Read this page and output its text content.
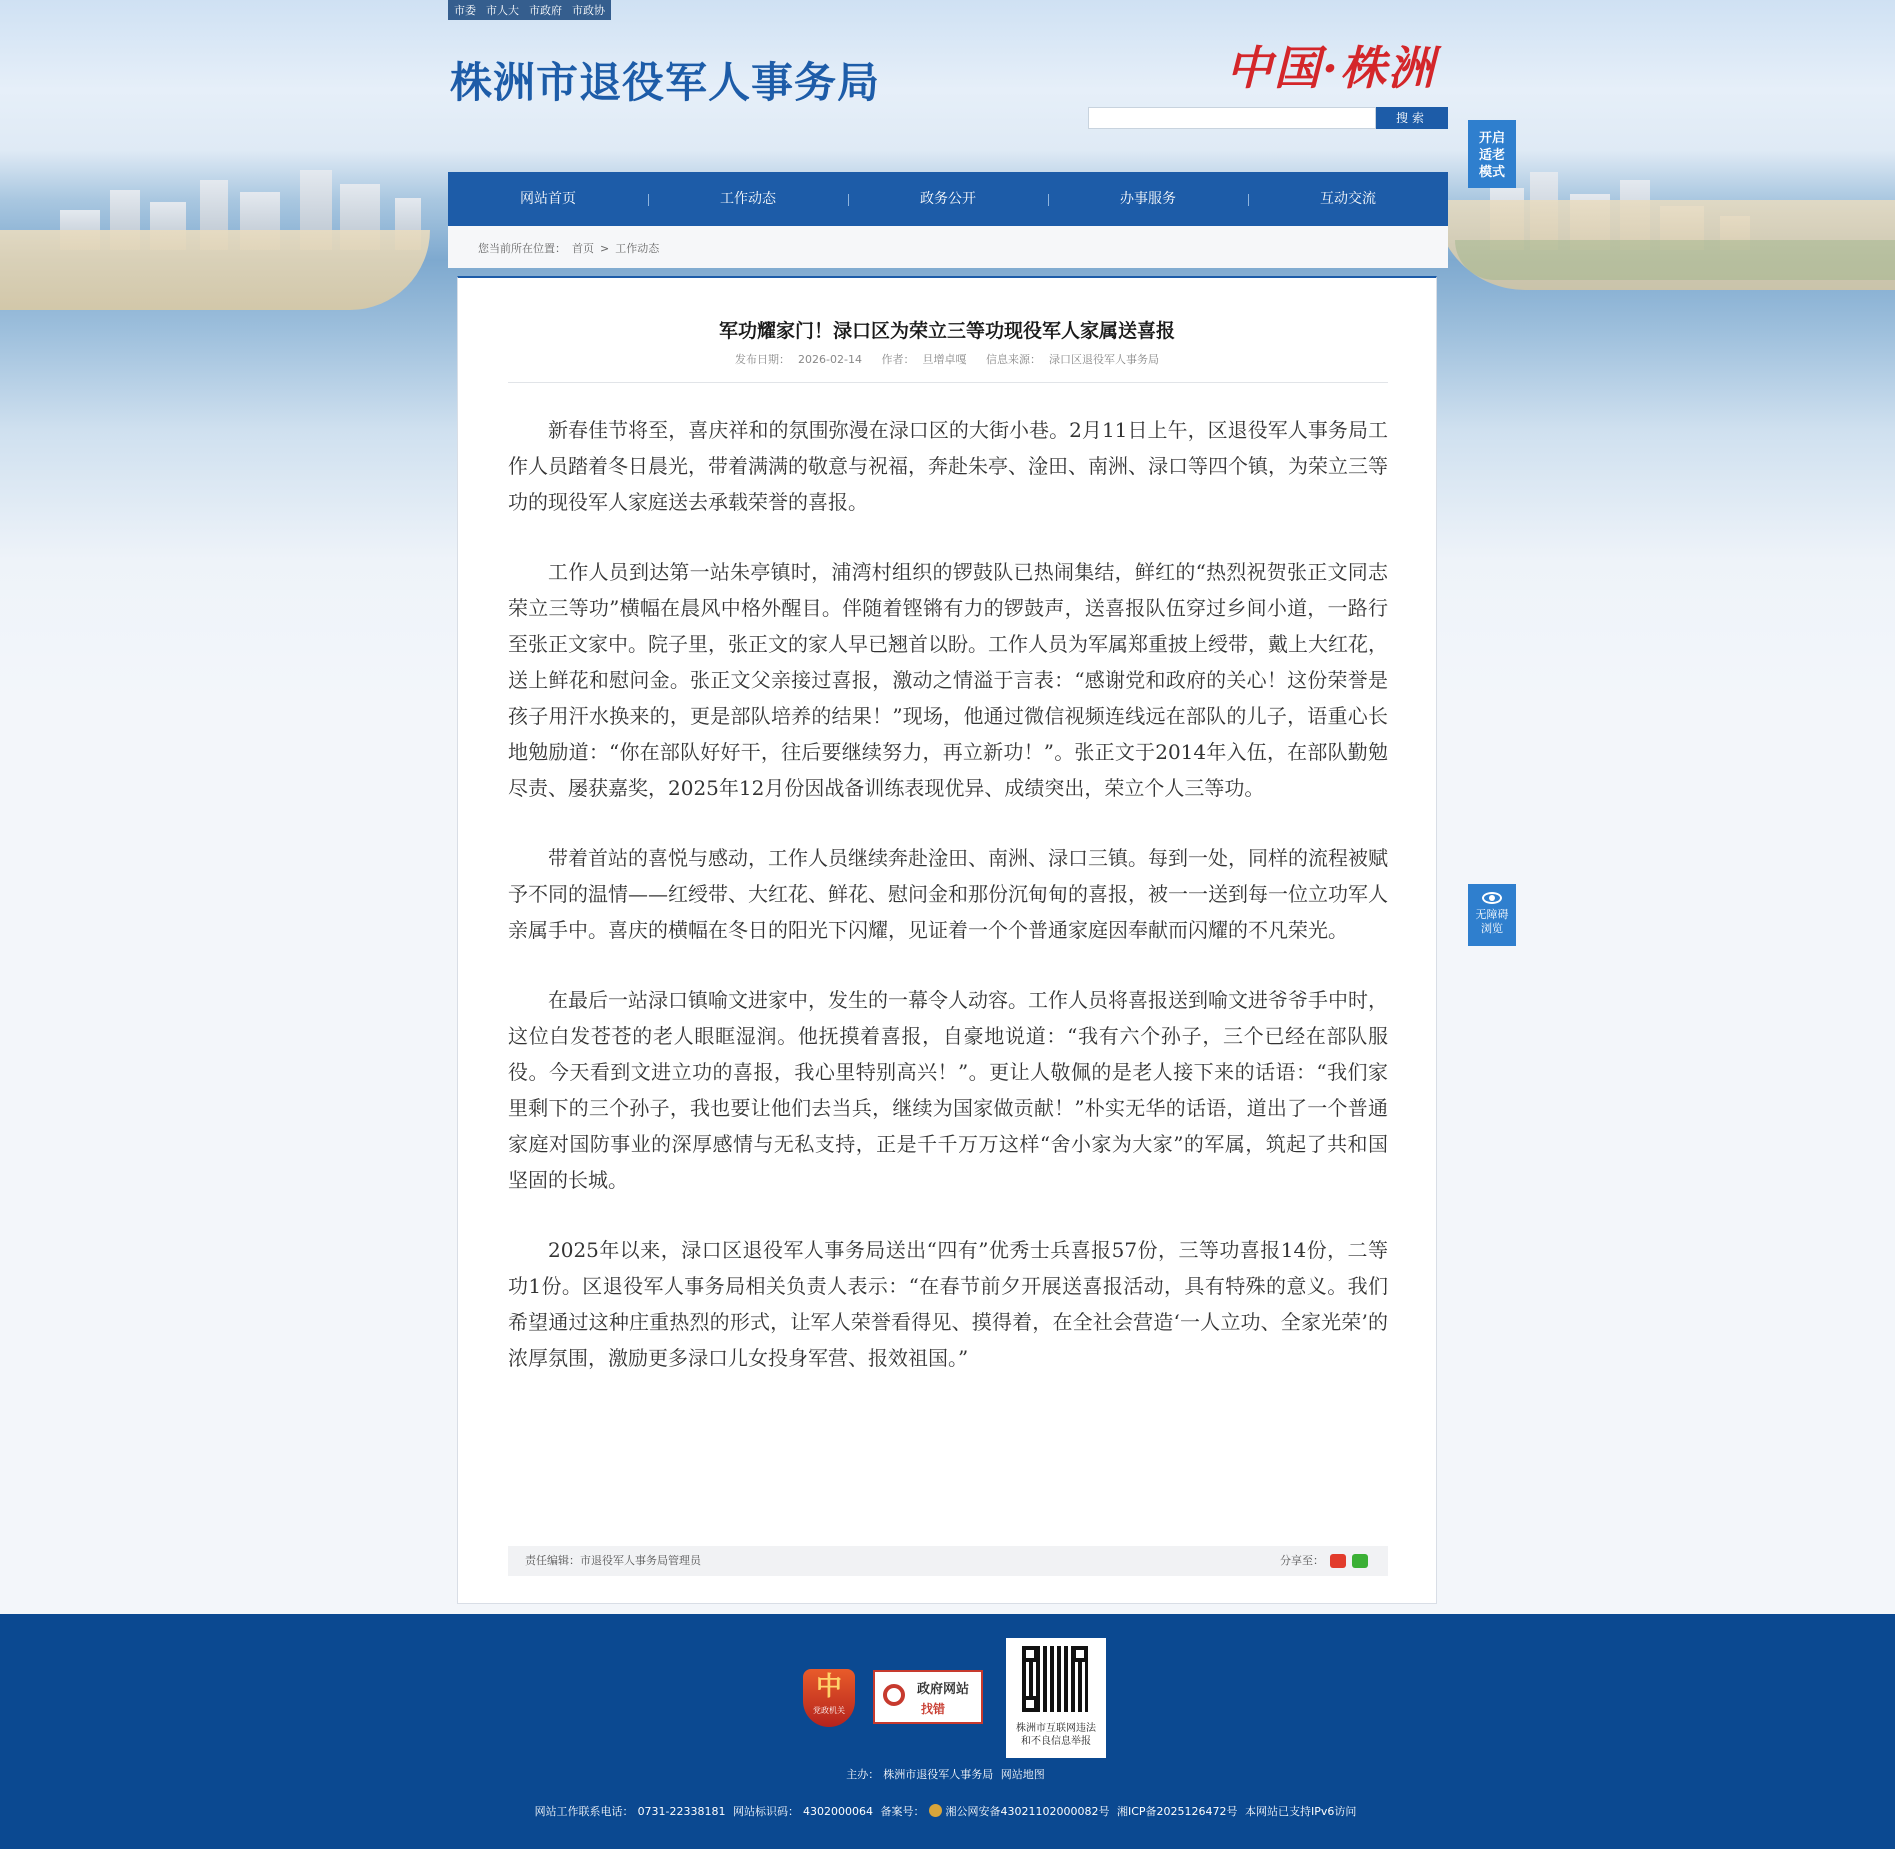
市委 市人大 市政府 市政协
株洲市退役军人事务局	中国·株洲
搜索
开启
适老
模式
网站首页	工作动态	政务公开	办事服务	互动交流
您当前所在位置： 首页 > 工作动态
军功耀家门！渌口区为荣立三等功现役军人家属送喜报
发布日期： 2026-02-14 作者： 旦增卓嘎 信息来源： 渌口区退役军人事务局

新春佳节将至，喜庆祥和的氛围弥漫在渌口区的大街小巷。2月11日上午，区退役军人事务局工作人员踏着冬日晨光，带着满满的敬意与祝福，奔赴朱亭、淦田、南洲、渌口等四个镇，为荣立三等功的现役军人家庭送去承载荣誉的喜报。

工作人员到达第一站朱亭镇时，浦湾村组织的锣鼓队已热闹集结，鲜红的“热烈祝贺张正文同志荣立三等功”横幅在晨风中格外醒目。伴随着铿锵有力的锣鼓声，送喜报队伍穿过乡间小道，一路行至张正文家中。院子里，张正文的家人早已翘首以盼。工作人员为军属郑重披上绶带，戴上大红花，送上鲜花和慰问金。张正文父亲接过喜报，激动之情溢于言表：“感谢党和政府的关心！这份荣誉是孩子用汗水换来的，更是部队培养的结果！”现场，他通过微信视频连线远在部队的儿子，语重心长地勉励道：“你在部队好好干，往后要继续努力，再立新功！”。张正文于2014年入伍，在部队勤勉尽责、屡获嘉奖，2025年12月份因战备训练表现优异、成绩突出，荣立个人三等功。

带着首站的喜悦与感动，工作人员继续奔赴淦田、南洲、渌口三镇。每到一处，同样的流程被赋予不同的温情——红绶带、大红花、鲜花、慰问金和那份沉甸甸的喜报，被一一送到每一位立功军人亲属手中。喜庆的横幅在冬日的阳光下闪耀，见证着一个个普通家庭因奉献而闪耀的不凡荣光。

在最后一站渌口镇喻文进家中，发生的一幕令人动容。工作人员将喜报送到喻文进爷爷手中时，这位白发苍苍的老人眼眶湿润。他抚摸着喜报，自豪地说道：“我有六个孙子，三个已经在部队服役。今天看到文进立功的喜报，我心里特别高兴！”。更让人敬佩的是老人接下来的话语：“我们家里剩下的三个孙子，我也要让他们去当兵，继续为国家做贡献！”朴实无华的话语，道出了一个普通家庭对国防事业的深厚感情与无私支持，正是千千万万这样“舍小家为大家”的军属，筑起了共和国坚固的长城。

2025年以来，渌口区退役军人事务局送出“四有”优秀士兵喜报57份，三等功喜报14份，二等功1份。区退役军人事务局相关负责人表示：“在春节前夕开展送喜报活动，具有特殊的意义。我们希望通过这种庄重热烈的形式，让军人荣誉看得见、摸得着，在全社会营造‘一人立功、全家光荣’的浓厚氛围，激励更多渌口儿女投身军营、报效祖国。”

责任编辑：市退役军人事务局管理员	分享至：
无障碍
浏览
中
党政机关
政府网站
找错
株洲市互联网违法
和不良信息举报
主办： 株洲市退役军人事务局 网站地图
网站工作联系电话： 0731-22338181 网站标识码： 4302000064 备案号： 湘公网安备43021102000082号 湘ICP备2025126472号 本网站已支持IPv6访问
